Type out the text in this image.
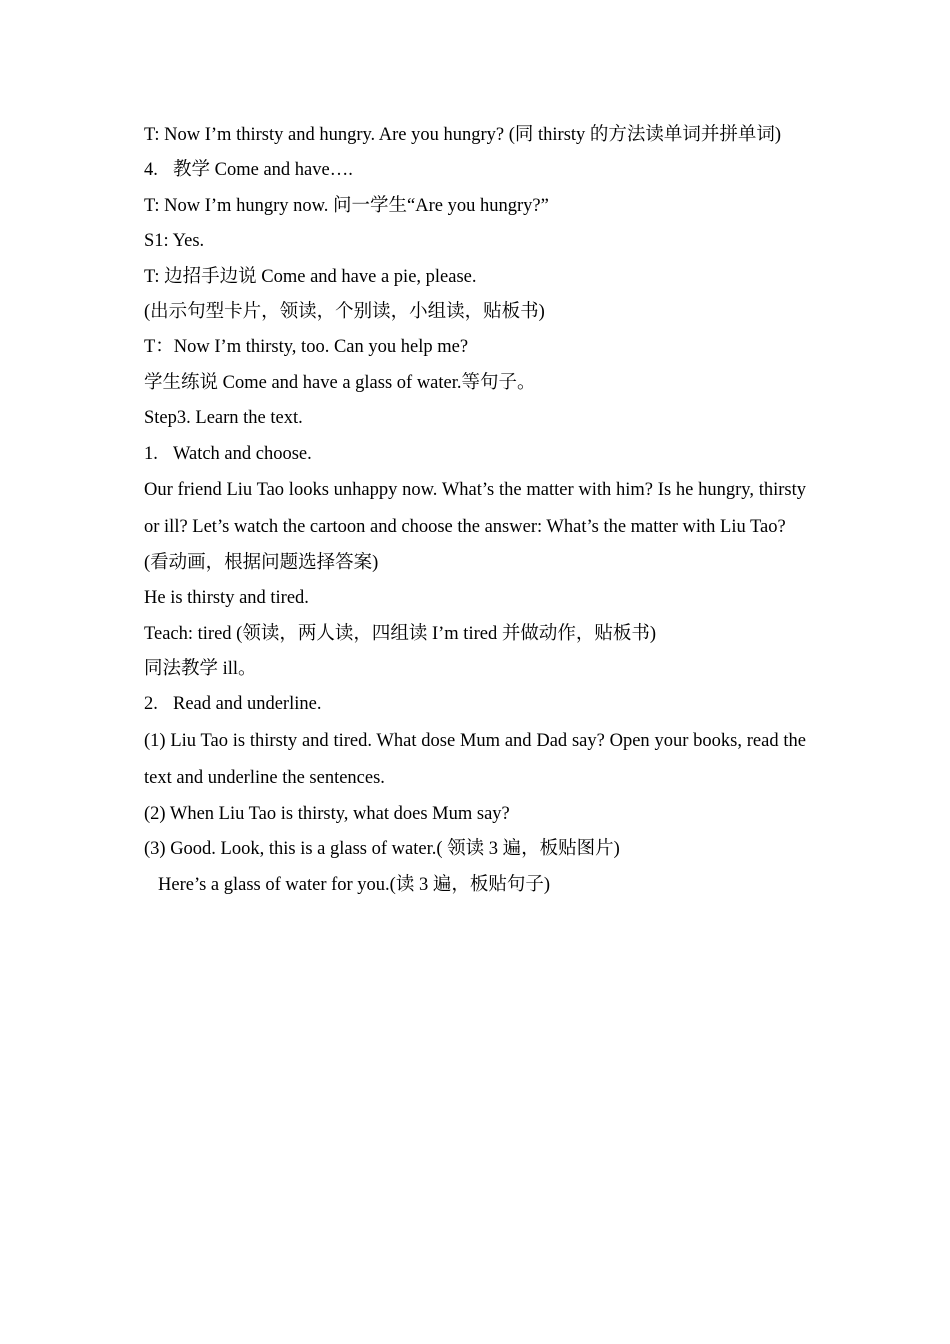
T: Now I’m thirsty and hungry. Are you hungry? (同 thirsty 的方法读单词并拼单词)
4. 教学 Come and have….
T: Now I’m hungry now. 问一学生“Are you hungry?”
S1: Yes.
T: 边招手边说 Come and have a pie, please.
(出示句型卡片，领读，个别读，小组读，贴板书)
T：Now I’m thirsty, too. Can you help me?
学生练说 Come and have a glass of water.等句子。
Step3. Learn the text.
1. Watch and choose.

Our friend Liu Tao looks unhappy now. What’s the matter with him? Is he hungry, thirsty or ill? Let’s watch the cartoon and choose the answer: What’s the matter with Liu Tao?

(看动画，根据问题选择答案)
He is thirsty and tired.
Teach: tired (领读，两人读，四组读 I’m tired 并做动作，贴板书)
同法教学 ill。
2. Read and underline.

(1) Liu Tao is thirsty and tired. What dose Mum and Dad say? Open your books, read the text and underline the sentences.

(2) When Liu Tao is thirsty, what does Mum say?
(3) Good. Look, this is a glass of water.( 领读 3 遍，板贴图片)
Here’s a glass of water for you.(读 3 遍，板贴句子)
